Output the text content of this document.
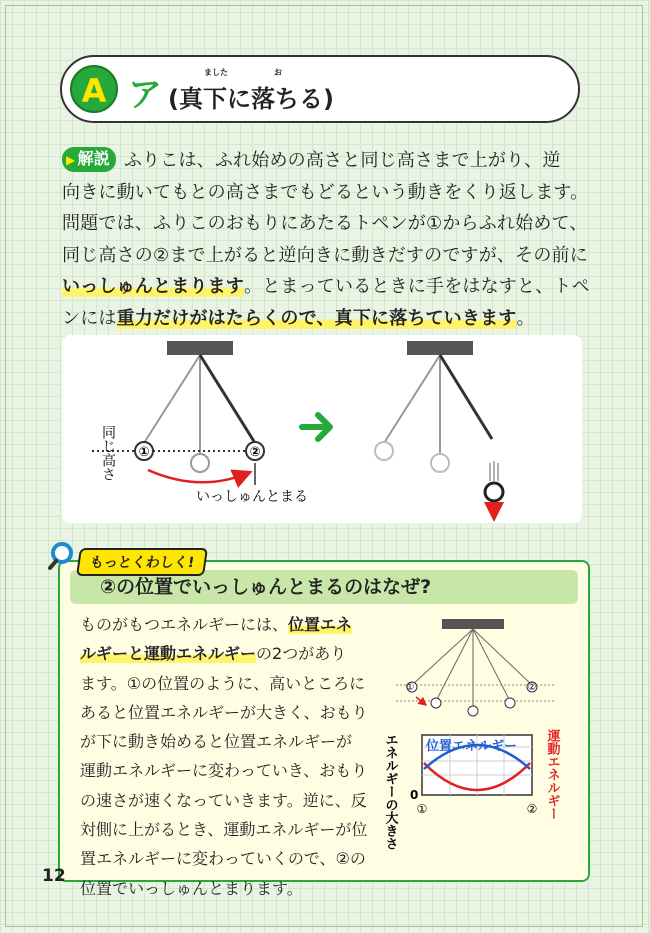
A ア
ました	お
(真下に落ちる)
▶ 解説 ふりこは、ふれ始めの高さと同じ高さまで上がり、逆
向きに動いてもとの高さまでもどるという動きをくり返します。
問題では、ふりこのおもりにあたるトペンが①からふれ始めて、
同じ高さの②まで上がると逆向きに動きだすのですが、その前に
いっしゅんとまります。とまっているときに手をはなすと、トペ
ンには重力だけがはたらくので、真下に落ちていきます。
①	②
同じ高さ
いっしゅんとまる
②の位置でいっしゅんとまるのはなぜ?
ものがもつエネルギーには、位置エネ
ルギーと運動エネルギーの2つがあり
ます。①の位置のように、高いところに
あると位置エネルギーが大きく、おもり
が下に動き始めると位置エネルギーが
運動エネルギーに変わっていき、おもり
の速さが速くなっていきます。逆に、反
対側に上がるとき、運動エネルギーが位
置エネルギーに変わっていくので、②の
位置でいっしゅんとまります。
①	②
位置エネルギー 運動エネルギー
エネルギーの大きさ 0
①	②
もっとくわしく!
12
